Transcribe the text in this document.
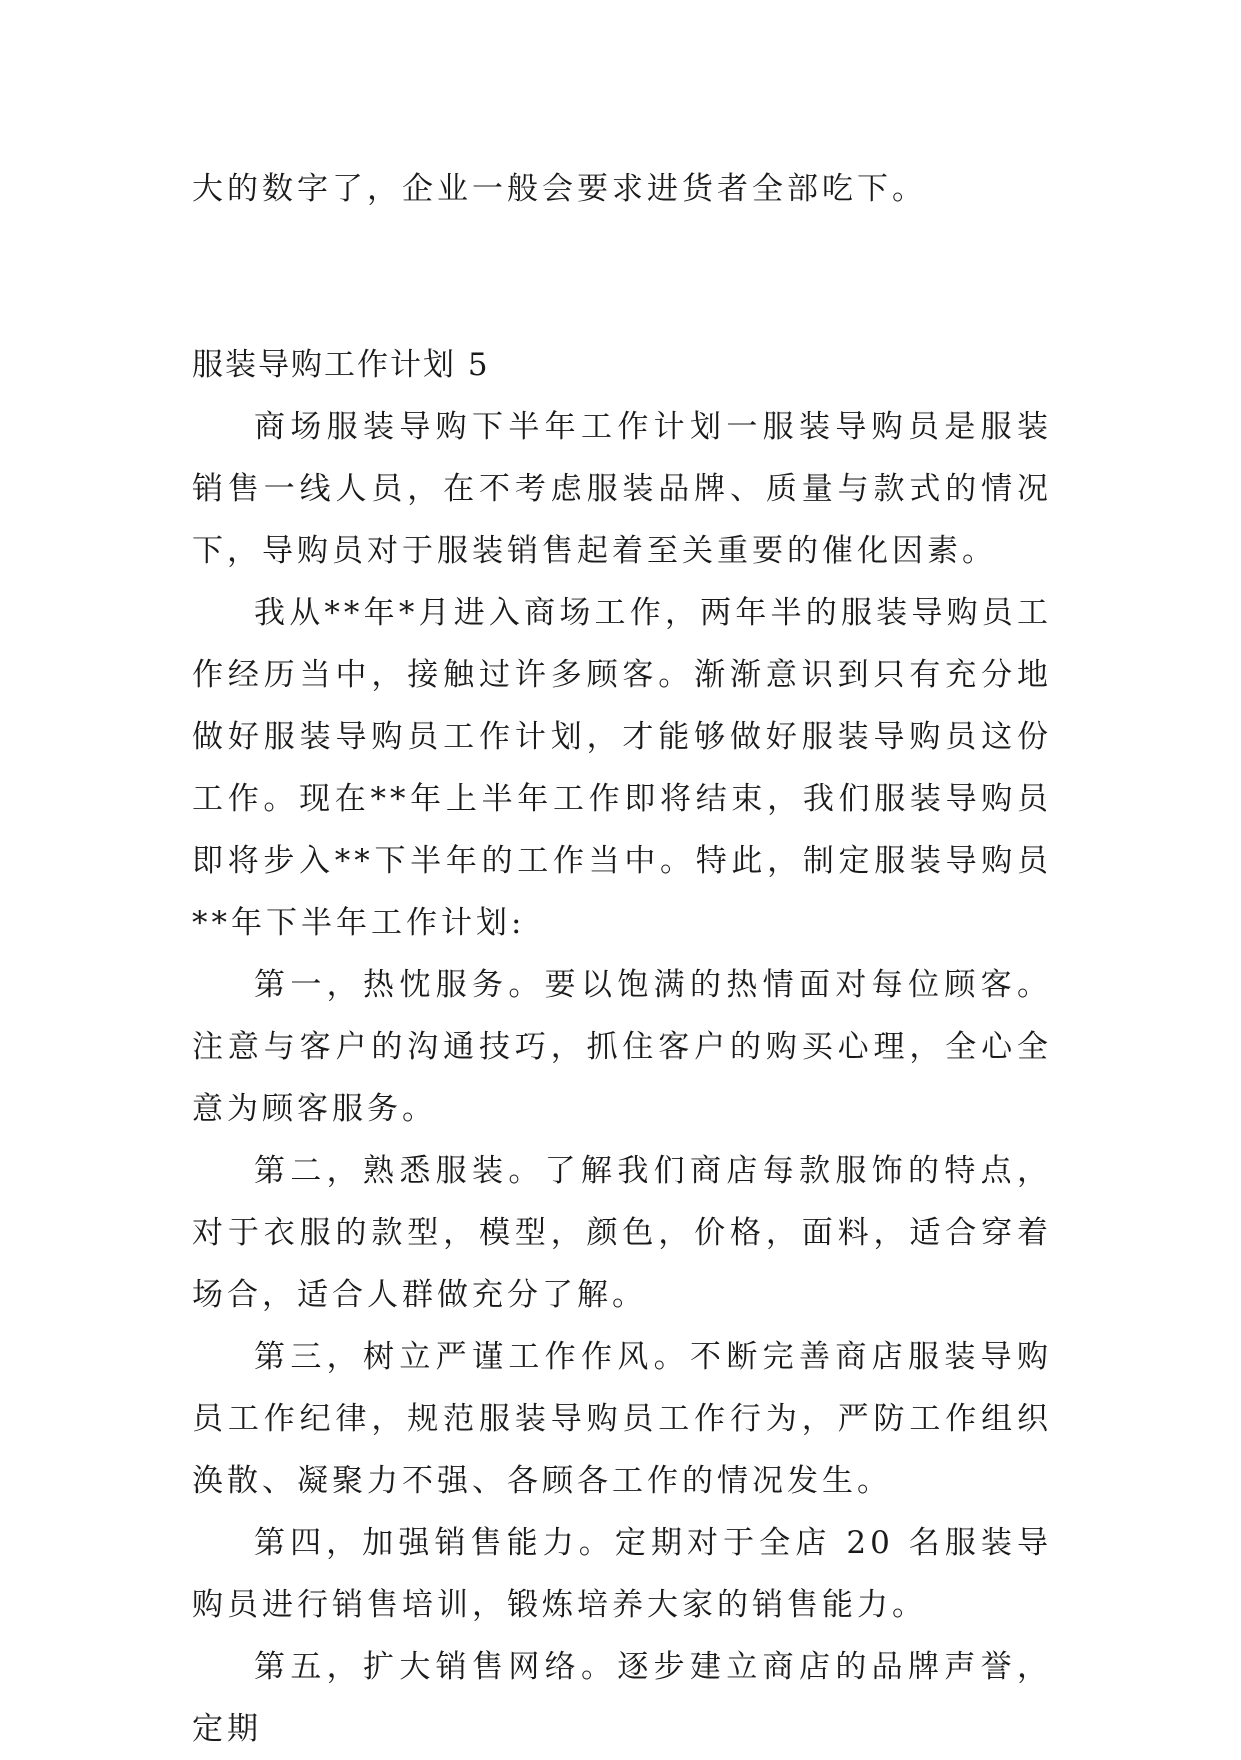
大的数字了，企业一般会要求进货者全部吃下。

服装导购工作计划 5

商场服装导购下半年工作计划一服装导购员是服装销售一线人员，在不考虑服装品牌、质量与款式的情况下，导购员对于服装销售起着至关重要的催化因素。

我从**年*月进入商场工作，两年半的服装导购员工作经历当中，接触过许多顾客。渐渐意识到只有充分地做好服装导购员工作计划，才能够做好服装导购员这份工作。现在**年上半年工作即将结束，我们服装导购员即将步入**下半年的工作当中。特此，制定服装导购员**年下半年工作计划:

第一，热忱服务。要以饱满的热情面对每位顾客。注意与客户的沟通技巧，抓住客户的购买心理，全心全意为顾客服务。

第二，熟悉服装。了解我们商店每款服饰的特点，对于衣服的款型，模型，颜色，价格，面料，适合穿着场合，适合人群做充分了解。

第三，树立严谨工作作风。不断完善商店服装导购员工作纪律，规范服装导购员工作行为，严防工作组织涣散、凝聚力不强、各顾各工作的情况发生。

第四，加强销售能力。定期对于全店 20 名服装导购员进行销售培训，锻炼培养大家的销售能力。

第五，扩大销售网络。逐步建立商店的品牌声誉，定期
